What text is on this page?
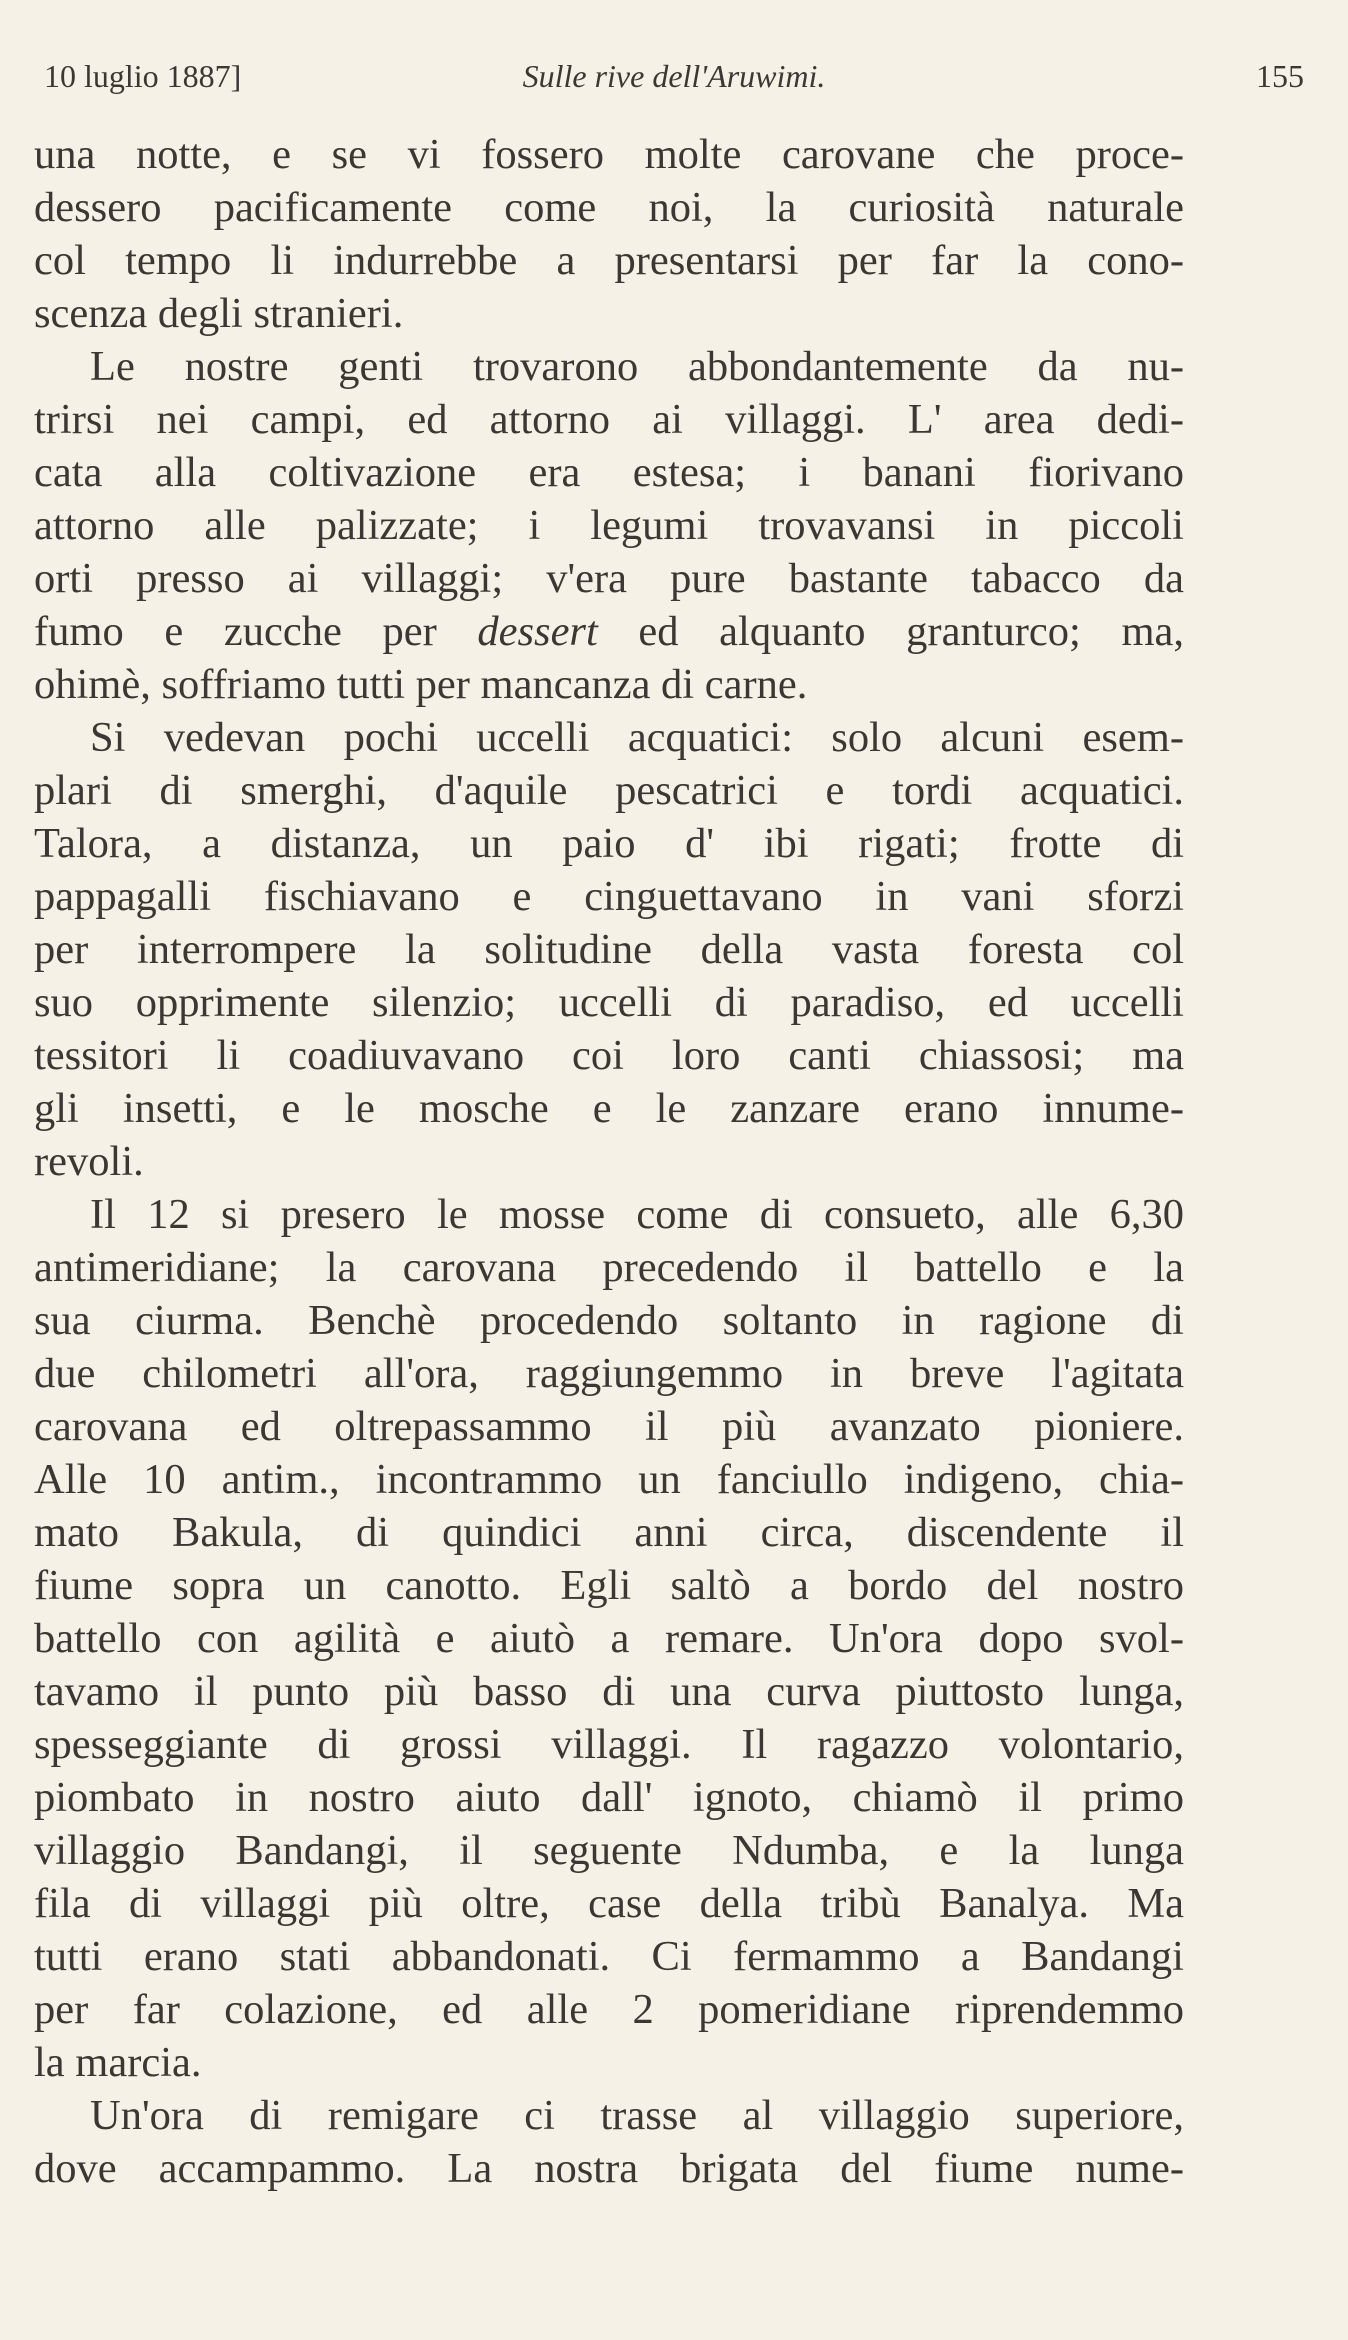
10 luglio 1887]	Sulle rive dell'Aruwimi.	155
una notte, e se vi fossero molte carovane che proce-
dessero pacificamente come noi, la curiosità naturale
col tempo li indurrebbe a presentarsi per far la cono-
scenza degli stranieri.
Le nostre genti trovarono abbondantemente da nu-
trirsi nei campi, ed attorno ai villaggi. L' area dedi-
cata alla coltivazione era estesa; i banani fiorivano
attorno alle palizzate; i legumi trovavansi in piccoli
orti presso ai villaggi; v'era pure bastante tabacco da
fumo e zucche per dessert ed alquanto granturco; ma,
ohimè, soffriamo tutti per mancanza di carne.
Si vedevan pochi uccelli acquatici: solo alcuni esem-
plari di smerghi, d'aquile pescatrici e tordi acquatici.
Talora, a distanza, un paio d' ibi rigati; frotte di
pappagalli fischiavano e cinguettavano in vani sforzi
per interrompere la solitudine della vasta foresta col
suo opprimente silenzio; uccelli di paradiso, ed uccelli
tessitori li coadiuvavano coi loro canti chiassosi; ma
gli insetti, e le mosche e le zanzare erano innume-
revoli.
Il 12 si presero le mosse come di consueto, alle 6,30
antimeridiane; la carovana precedendo il battello e la
sua ciurma. Benchè procedendo soltanto in ragione di
due chilometri all'ora, raggiungemmo in breve l'agitata
carovana ed oltrepassammo il più avanzato pioniere.
Alle 10 antim., incontrammo un fanciullo indigeno, chia-
mato Bakula, di quindici anni circa, discendente il
fiume sopra un canotto. Egli saltò a bordo del nostro
battello con agilità e aiutò a remare. Un'ora dopo svol-
tavamo il punto più basso di una curva piuttosto lunga,
spesseggiante di grossi villaggi. Il ragazzo volontario,
piombato in nostro aiuto dall' ignoto, chiamò il primo
villaggio Bandangi, il seguente Ndumba, e la lunga
fila di villaggi più oltre, case della tribù Banalya. Ma
tutti erano stati abbandonati. Ci fermammo a Bandangi
per far colazione, ed alle 2 pomeridiane riprendemmo
la marcia.
Un'ora di remigare ci trasse al villaggio superiore,
dove accampammo. La nostra brigata del fiume nume-
